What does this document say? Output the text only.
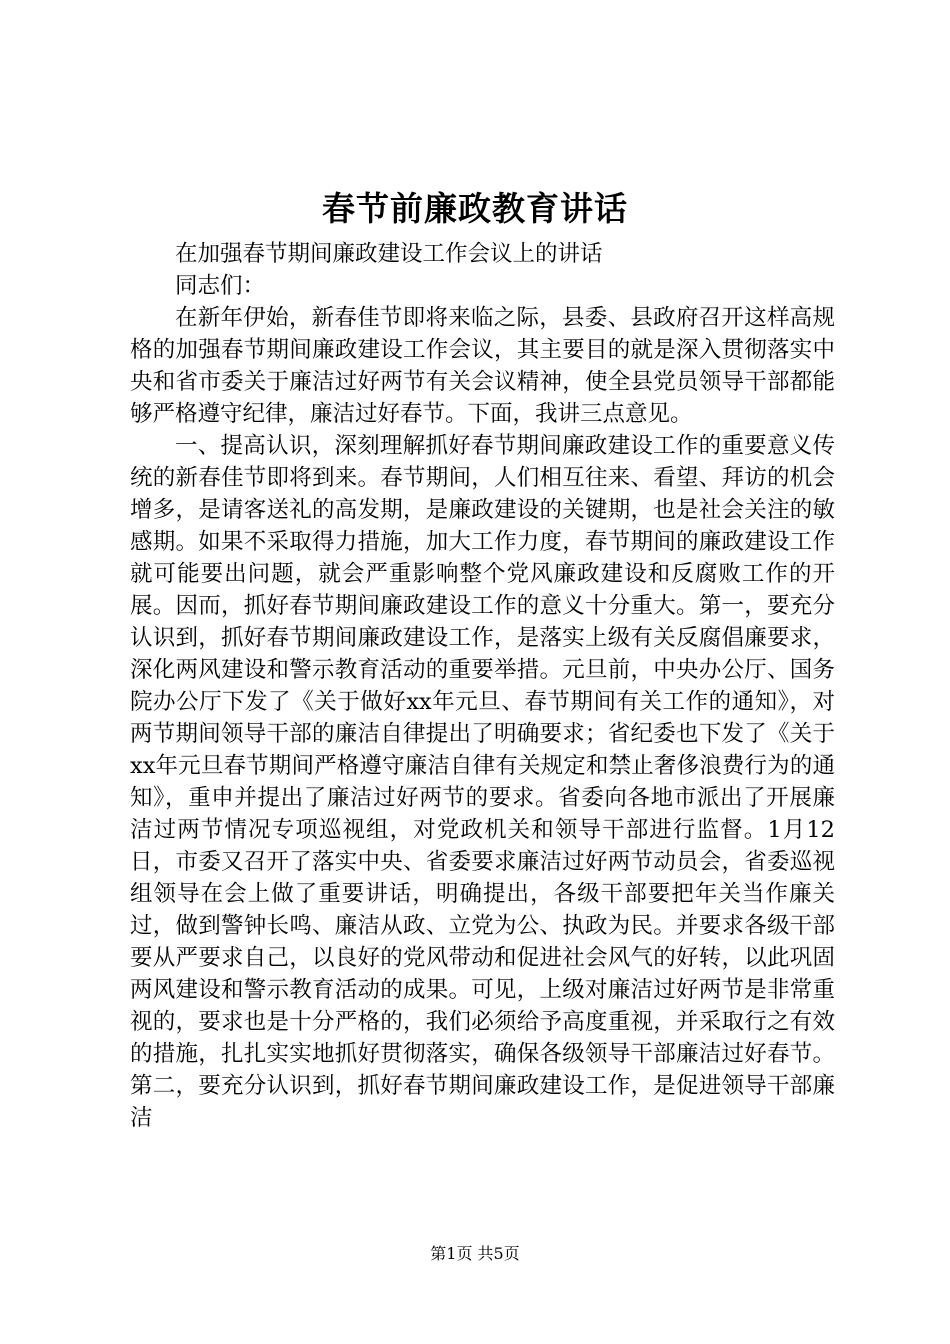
春节前廉政教育讲话

在加强春节期间廉政建设工作会议上的讲话

同志们：

在新年伊始，新春佳节即将来临之际，县委、县政府召开这样高规格的加强春节期间廉政建设工作会议，其主要目的就是深入贯彻落实中央和省市委关于廉洁过好两节有关会议精神，使全县党员领导干部都能够严格遵守纪律，廉洁过好春节。下面，我讲三点意见。

一、提高认识，深刻理解抓好春节期间廉政建设工作的重要意义传统的新春佳节即将到来。春节期间，人们相互往来、看望、拜访的机会增多，是请客送礼的高发期，是廉政建设的关键期，也是社会关注的敏感期。如果不采取得力措施，加大工作力度，春节期间的廉政建设工作就可能要出问题，就会严重影响整个党风廉政建设和反腐败工作的开展。因而，抓好春节期间廉政建设工作的意义十分重大。第一，要充分认识到，抓好春节期间廉政建设工作，是落实上级有关反腐倡廉要求，深化两风建设和警示教育活动的重要举措。元旦前，中央办公厅、国务院办公厅下发了《关于做好xx年元旦、春节期间有关工作的通知》，对两节期间领导干部的廉洁自律提出了明确要求；省纪委也下发了《关于xx年元旦春节期间严格遵守廉洁自律有关规定和禁止奢侈浪费行为的通知》，重申并提出了廉洁过好两节的要求。省委向各地市派出了开展廉洁过两节情况专项巡视组，对党政机关和领导干部进行监督。1月12日，市委又召开了落实中央、省委要求廉洁过好两节动员会，省委巡视组领导在会上做了重要讲话，明确提出，各级干部要把年关当作廉关过，做到警钟长鸣、廉洁从政、立党为公、执政为民。并要求各级干部要从严要求自己，以良好的党风带动和促进社会风气的好转，以此巩固两风建设和警示教育活动的成果。可见，上级对廉洁过好两节是非常重视的，要求也是十分严格的，我们必须给予高度重视，并采取行之有效的措施，扎扎实实地抓好贯彻落实，确保各级领导干部廉洁过好春节。第二，要充分认识到，抓好春节期间廉政建设工作，是促进领导干部廉洁

第1页 共5页
